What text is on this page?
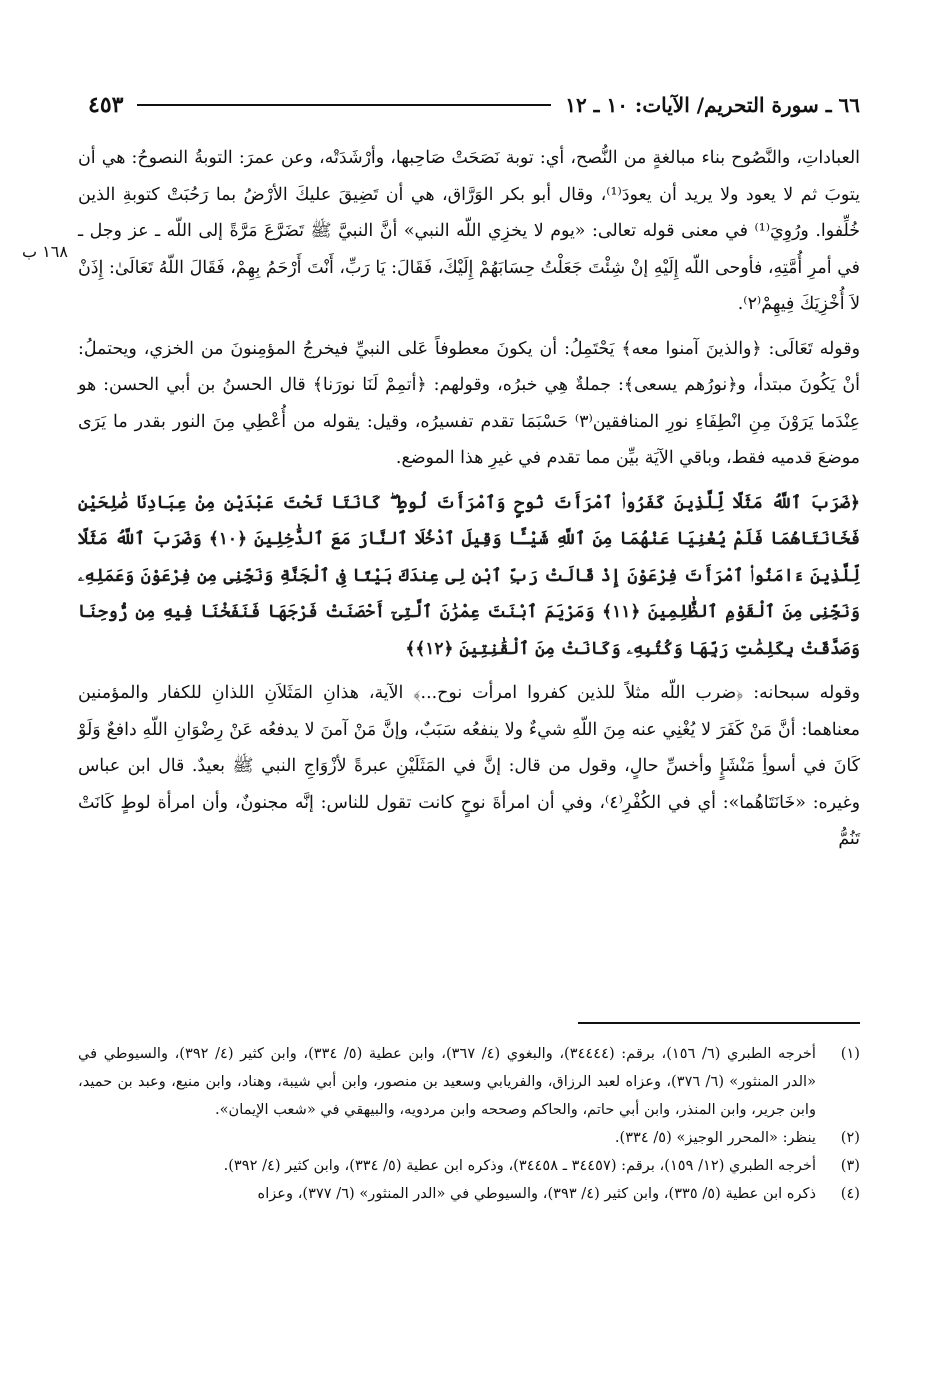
٦٦ ـ سورة التحريم/ الآيات: ١٠ ـ ١٢
٤٥٣
١٦٨ ب

العباداتِ، والنَّصُوح بناء مبالغةٍ من النُّصح، أي: توبة نَصَحَتْ صَاحِبها، وأرْشَدَتْه، وعن عمرَ: التوبةُ النصوحُ: هي أن يتوبَ ثم لا يعود ولا يريد أن يعودَ⁽¹⁾، وقال أبو بكر الوَرَّاق، هي أن تَضِيقَ عليكَ الأرْضُ بما رَحُبَتْ كتوبةِ الذين خُلِّفوا. ورُوِيَ⁽¹⁾ في معنى قوله تعالى: «يوم لا يخزِي اللّه النبي» أنَّ النبيَّ ﷺ تَضَرَّعَ مَرَّةً إلى اللّه ـ عز وجل ـ في أمرِ أُمَّتِهِ، فأوحى اللّه إِلَيْهِ إنْ شِئْتَ جَعَلْتُ حِسَابَهُمْ إِلَيْكَ، فَقَالَ: يَا رَبِّ، أَنْتَ أَرْحَمُ بِهِمْ، فَقَالَ اللّهُ تَعَالَىٰ: إِذَنْ لاَ أُخْزِيَكَ فِيهِمْ⁽٢⁾.

وقوله تَعَالَى: ﴿والذينَ آمنوا معه﴾ يَحْتَمِلُ: أن يكونَ معطوفاً عَلى النبيِّ فيخرجُ المؤمِنونَ من الخزي، ويحتملُ: أنْ يَكُونَ مبتدأ، و﴿نورُهم يسعى﴾: جملةٌ هِي خبرُه، وقولهم: ﴿أتمِمْ لَنَا نورَنا﴾ قال الحسنُ بن أبي الحسن: هو عِنْدَما يَرَوْنَ مِنِ انْطِفَاءِ نورِ المنافقين⁽٣⁾ حَسْبَمَا تقدم تفسيرُه، وقيل: يقوله من أُعْطِي مِنَ النور بقدر ما يَرَى موضعَ قدميه فقط، وباقي الآيَة بيِّن مما تقدم في غيرِ هذا الموضع.

﴿ضَرَبَ ٱللَّهُ مَثَلًا لِّلَّذِينَ كَفَرُوا۟ ٱمْرَأَتَ نُوحٍ وَٱمْرَأَتَ لُوطٍ ۖ كَانَتَا تَحْتَ عَبْدَيْنِ مِنْ عِبَادِنَا صَٰلِحَيْنِ فَخَانَتَاهُمَا فَلَمْ يُغْنِيَا عَنْهُمَا مِنَ ٱللَّهِ شَيْـًٔا وَقِيلَ ٱدْخُلَا ٱلنَّارَ مَعَ ٱلدَّٰخِلِينَ ﴿١٠﴾ وَضَرَبَ ٱللَّهُ مَثَلًا لِّلَّذِينَ ءَامَنُوا۟ ٱمْرَأَتَ فِرْعَوْنَ إِذْ قَالَتْ رَبِّ ٱبْنِ لِى عِندَكَ بَيْتًا فِى ٱلْجَنَّةِ وَنَجِّنِى مِن فِرْعَوْنَ وَعَمَلِهِۦ وَنَجِّنِى مِنَ ٱلْقَوْمِ ٱلظَّٰلِمِينَ ﴿١١﴾ وَمَرْيَمَ ٱبْنَتَ عِمْرَٰنَ ٱلَّتِىٓ أَحْصَنَتْ فَرْجَهَا فَنَفَخْنَا فِيهِ مِن رُّوحِنَا وَصَدَّقَتْ بِكَلِمَٰتِ رَبِّهَا وَكُتُبِهِۦ وَكَانَتْ مِنَ ٱلْقَٰنِتِينَ ﴿١٢﴾﴾

وقوله سبحانه: ﴿ضرب اللّه مثلاً للذين كفروا امرأت نوح...﴾ الآية، هذانِ المَثَلاَنِ اللذانِ للكفار والمؤمنين معناهما: أنَّ مَنْ كَفَرَ لا يُغْنِي عنه مِنَ اللّهِ شيءٌ ولا ينفعُه سَبَبٌ، وإنَّ مَنْ آمنَ لا يدفعُه عَنْ رِضْوَانِ اللّهِ دافعٌ وَلَوْ كَانَ في أسوأِ مَنْشَإٍ وأخسِّ حالٍ، وقول من قال: إنَّ في المَثَلَيْنِ عبرةً لأزْوَاجِ النبي ﷺ بعيدٌ. قال ابن عباس وغيره: «خَانَتَاهُما»: أي في الكُفْرِ⁽٤⁾، وفي أن امرأةَ نوحٍ كانت تقول للناس: إنَّه مجنونٌ، وأن امرأة لوطٍ كَانَتْ تَنُمُّ

(١)
أخرجه الطبري (٦/ ١٥٦)، برقم: (٣٤٤٤٤)، والبغوي (٤/ ٣٦٧)، وابن عطية (٥/ ٣٣٤)، وابن كثير (٤/ ٣٩٢)، والسيوطي في «الدر المنثور» (٦/ ٣٧٦)، وعزاه لعبد الرزاق، والفريابي وسعيد بن منصور، وابن أبي شيبة، وهناد، وابن منيع، وعبد بن حميد، وابن جرير، وابن المنذر، وابن أبي حاتم، والحاكم وصححه وابن مردويه، والبيهقي في «شعب الإيمان».
(٢)
ينظر: «المحرر الوجيز» (٥/ ٣٣٤).
(٣)
أخرجه الطبري (١٢/ ١٥٩)، برقم: (٣٤٤٥٧ ـ ٣٤٤٥٨)، وذكره ابن عطية (٥/ ٣٣٤)، وابن كثير (٤/ ٣٩٢).
(٤)
ذكره ابن عطية (٥/ ٣٣٥)، وابن كثير (٤/ ٣٩٣)، والسيوطي في «الدر المنثور» (٦/ ٣٧٧)، وعزاه
